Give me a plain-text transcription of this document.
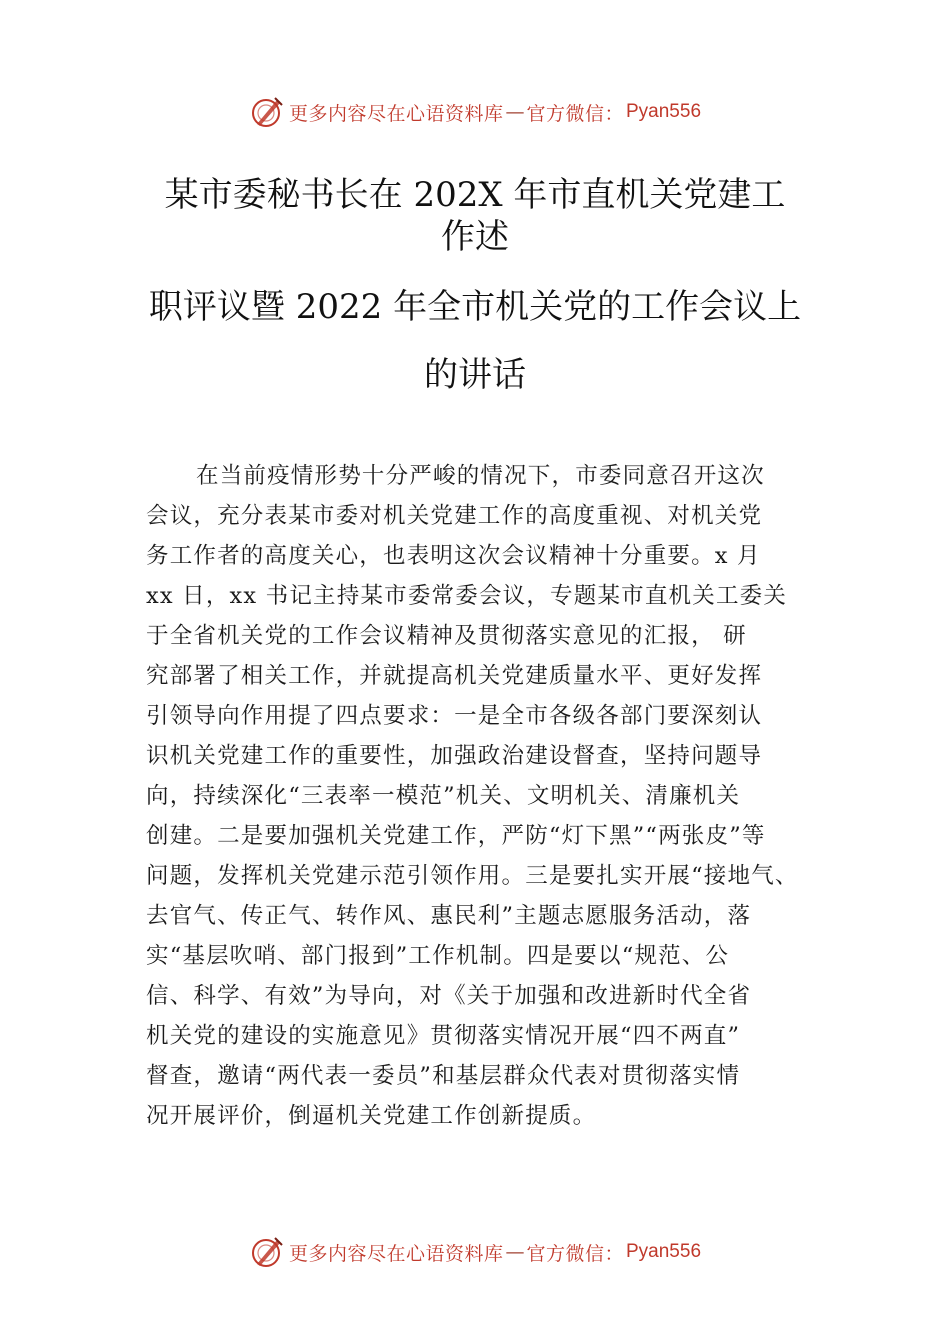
更多内容尽在心语资料库 — 官方微信： Pyan556
某市委秘书长在 202X 年市直机关党建工
作述
职评议暨 2022 年全市机关党的工作会议上
的讲话
在当前疫情形势十分严峻的情况下，市委同意召开这次
会议，充分表某市委对机关党建工作的高度重视、对机关党
务工作者的高度关心，也表明这次会议精神十分重要。x 月
xx 日，xx 书记主持某市委常委会议，专题某市直机关工委关
于全省机关党的工作会议精神及贯彻落实意见的汇报， 研
究部署了相关工作，并就提高机关党建质量水平、更好发挥
引领导向作用提了四点要求：一是全市各级各部门要深刻认
识机关党建工作的重要性，加强政治建设督查，坚持问题导
向，持续深化“三表率一模范”机关、文明机关、清廉机关
创建。二是要加强机关党建工作，严防“灯下黑”“两张皮”等
问题，发挥机关党建示范引领作用。三是要扎实开展“接地气、
去官气、传正气、转作风、惠民利”主题志愿服务活动，落
实“基层吹哨、部门报到”工作机制。四是要以“规范、公
信、科学、有效”为导向，对《关于加强和改进新时代全省
机关党的建设的实施意见》贯彻落实情况开展“四不两直”
督查，邀请“两代表一委员”和基层群众代表对贯彻落实情
况开展评价，倒逼机关党建工作创新提质。
更多内容尽在心语资料库 — 官方微信： Pyan556
